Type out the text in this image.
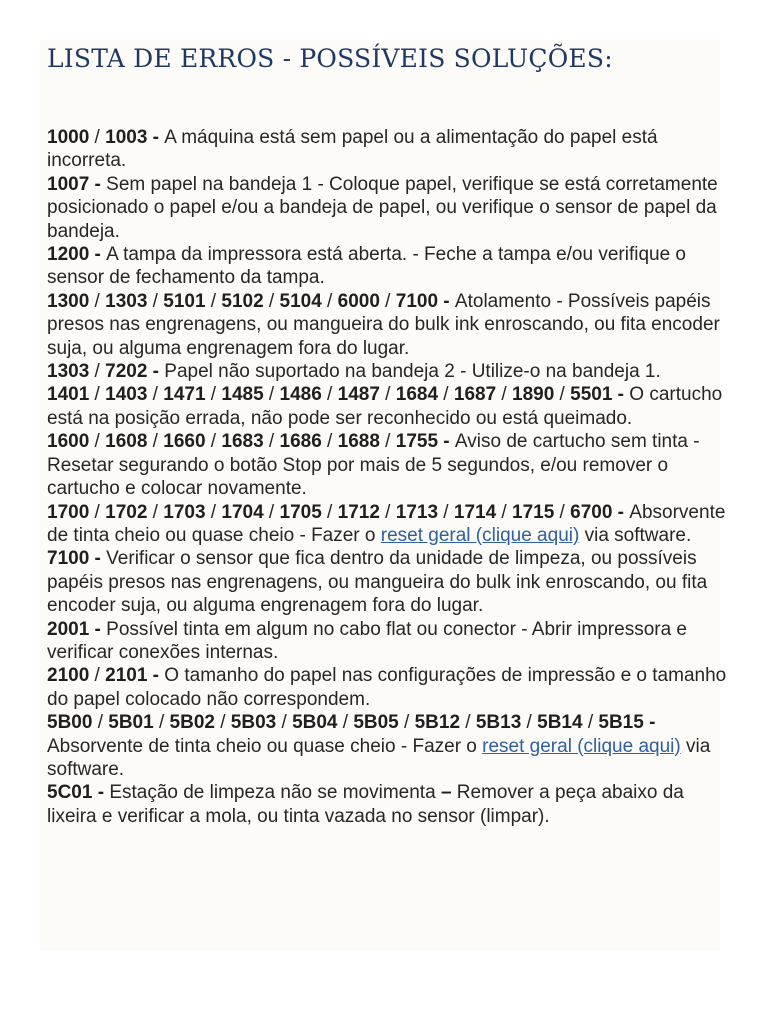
LISTA DE ERROS - POSSÍVEIS SOLUÇÕES:

1000 / 1003 - A máquina está sem papel ou a alimentação do papel está incorreta.

1007 - Sem papel na bandeja 1 - Coloque papel, verifique se está corretamente posicionado o papel e/ou a bandeja de papel, ou verifique o sensor de papel da bandeja.

1200 - A tampa da impressora está aberta. - Feche a tampa e/ou verifique o sensor de fechamento da tampa.

1300 / 1303 / 5101 / 5102 / 5104 / 6000 / 7100 - Atolamento - Possíveis papéis presos nas engrenagens, ou mangueira do bulk ink enroscando, ou fita encoder suja, ou alguma engrenagem fora do lugar.

1303 / 7202 - Papel não suportado na bandeja 2 - Utilize-o na bandeja 1.

1401 / 1403 / 1471 / 1485 / 1486 / 1487 / 1684 / 1687 / 1890 / 5501 - O cartucho está na posição errada, não pode ser reconhecido ou está queimado.

1600 / 1608 / 1660 / 1683 / 1686 / 1688 / 1755 - Aviso de cartucho sem tinta - Resetar segurando o botão Stop por mais de 5 segundos, e/ou remover o cartucho e colocar novamente.

1700 / 1702 / 1703 / 1704 / 1705 / 1712 / 1713 / 1714 / 1715 / 6700 - Absorvente de tinta cheio ou quase cheio - Fazer o reset geral (clique aqui) via software.

7100 - Verificar o sensor que fica dentro da unidade de limpeza, ou possíveis papéis presos nas engrenagens, ou mangueira do bulk ink enroscando, ou fita encoder suja, ou alguma engrenagem fora do lugar.

2001 - Possível tinta em algum no cabo flat ou conector - Abrir impressora e verificar conexões internas.

2100 / 2101 - O tamanho do papel nas configurações de impressão e o tamanho do papel colocado não correspondem.

5B00 / 5B01 / 5B02 / 5B03 / 5B04 / 5B05 / 5B12 / 5B13 / 5B14 / 5B15 - Absorvente de tinta cheio ou quase cheio - Fazer o reset geral (clique aqui) via software.

5C01 - Estação de limpeza não se movimenta – Remover a peça abaixo da lixeira e verificar a mola, ou tinta vazada no sensor (limpar).
